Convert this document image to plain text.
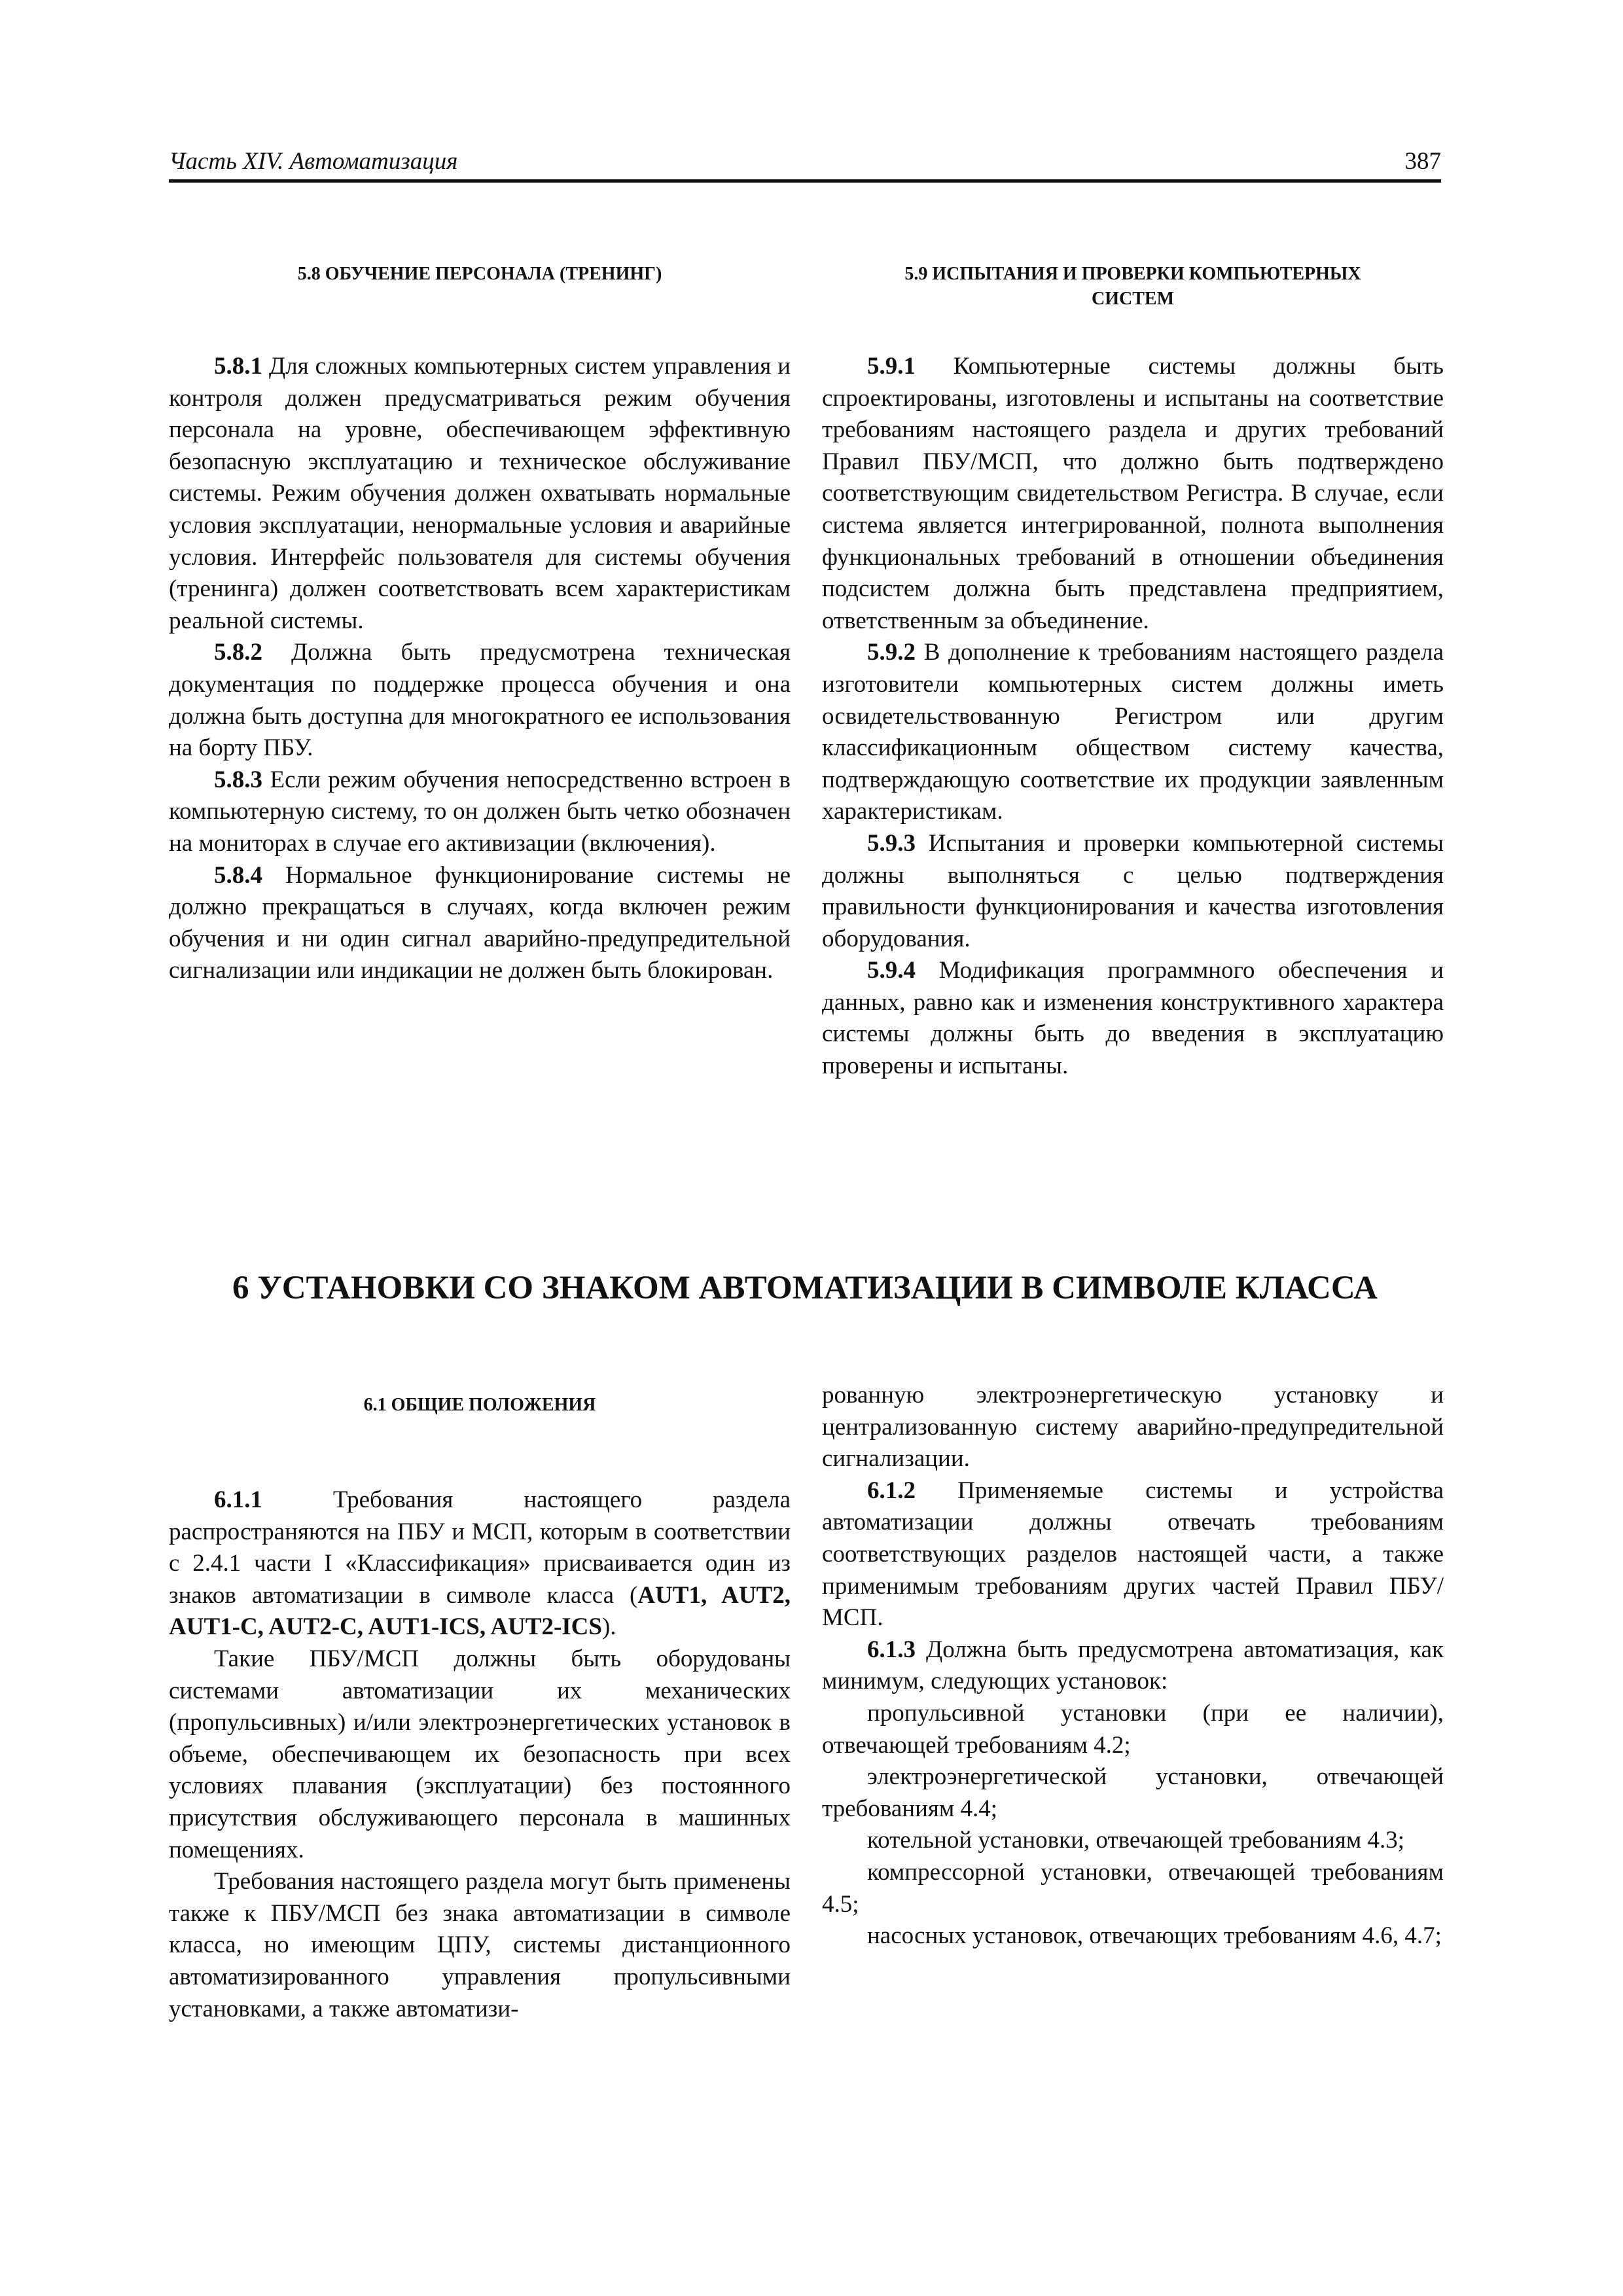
Часть XIV. Автоматизация	387
5.8 ОБУЧЕНИЕ ПЕРСОНАЛА (ТРЕНИНГ)

5.8.1 Для сложных компьютерных систем управления и контроля должен предусматриваться режим обучения персонала на уровне, обеспечивающем эффективную безопасную эксплуатацию и техническое обслуживание системы. Режим обучения должен охватывать нормальные условия эксплуатации, ненормальные условия и аварийные условия. Интерфейс пользователя для системы обучения (тренинга) должен соответствовать всем характеристикам реальной системы.

5.8.2 Должна быть предусмотрена техническая документация по поддержке процесса обучения и она должна быть доступна для многократного ее использования на борту ПБУ.

5.8.3 Если режим обучения непосредственно встроен в компьютерную систему, то он должен быть четко обозначен на мониторах в случае его активизации (включения).

5.8.4 Нормальное функционирование системы не должно прекращаться в случаях, когда включен режим обучения и ни один сигнал аварийно-предупредительной сигнализации или индикации не должен быть блокирован.

5.9 ИСПЫТАНИЯ И ПРОВЕРКИ КОМПЬЮТЕРНЫХ
СИСТЕМ

5.9.1 Компьютерные системы должны быть спроектированы, изготовлены и испытаны на соответствие требованиям настоящего раздела и других требований Правил ПБУ/МСП, что должно быть подтверждено соответствующим свидетельством Регистра. В случае, если система является интегрированной, полнота выполнения функциональных требований в отношении объединения подсистем должна быть представлена предприятием, ответственным за объединение.

5.9.2 В дополнение к требованиям настоящего раздела изготовители компьютерных систем должны иметь освидетельствованную Регистром или другим классификационным обществом систему качества, подтверждающую соответствие их продукции заявленным характеристикам.

5.9.3 Испытания и проверки компьютерной системы должны выполняться с целью подтверждения правильности функционирования и качества изготовления оборудования.

5.9.4 Модификация программного обеспечения и данных, равно как и изменения конструктивного характера системы должны быть до введения в эксплуатацию проверены и испытаны.

6 УСТАНОВКИ СО ЗНАКОМ АВТОМАТИЗАЦИИ В СИМВОЛЕ КЛАССА
6.1 ОБЩИЕ ПОЛОЖЕНИЯ

6.1.1 Требования настоящего раздела распространяются на ПБУ и МСП, которым в соответствии с 2.4.1 части I «Классификация» присваивается один из знаков автоматизации в символе класса (AUT1, AUT2, AUT1-C, AUT2-C, AUT1-ICS, AUT2-ICS).

Такие ПБУ/МСП должны быть оборудованы системами автоматизации их механических (пропульсивных) и/или электроэнергетических установок в объеме, обеспечивающем их безопасность при всех условиях плавания (эксплуатации) без постоянного присутствия обслуживающего персонала в машинных помещениях.

Требования настоящего раздела могут быть применены также к ПБУ/МСП без знака автоматизации в символе класса, но имеющим ЦПУ, системы дистанционного автоматизированного управления пропульсивными установками, а также автоматизи-

рованную электроэнергетическую установку и централизованную систему аварийно-предупредительной сигнализации.

6.1.2 Применяемые системы и устройства автоматизации должны отвечать требованиям соответствующих разделов настоящей части, а также применимым требованиям других частей Правил ПБУ/МСП.

6.1.3 Должна быть предусмотрена автоматизация, как минимум, следующих установок:

пропульсивной установки (при ее наличии), отвечающей требованиям 4.2;

электроэнергетической установки, отвечающей требованиям 4.4;

котельной установки, отвечающей требованиям 4.3;

компрессорной установки, отвечающей требованиям 4.5;

насосных установок, отвечающих требованиям 4.6, 4.7;
